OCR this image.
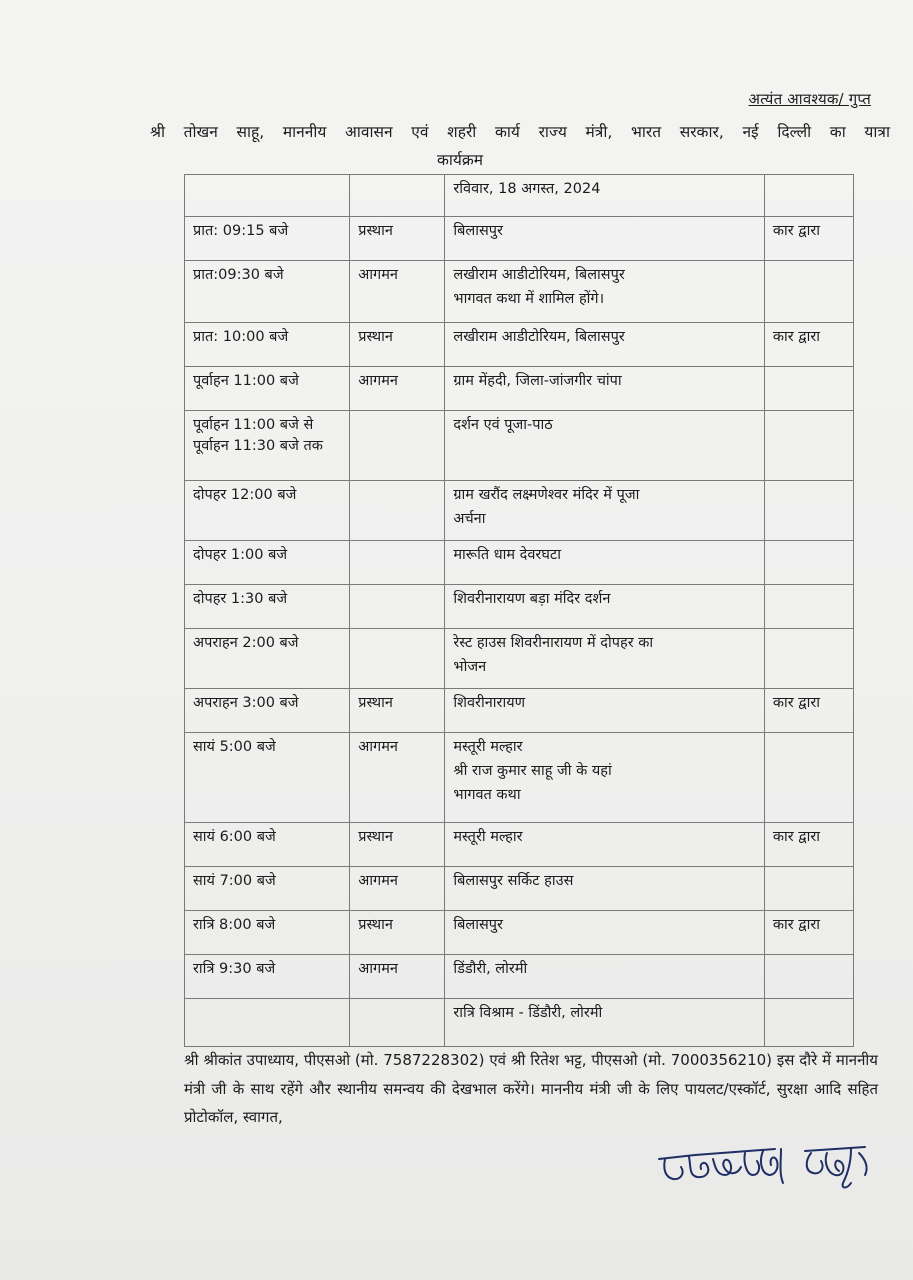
अत्यंत आवश्यक/ गुप्त
श्री तोखन साहू, माननीय आवासन एवं शहरी कार्य राज्य मंत्री, भारत सरकार, नई दिल्ली का यात्रा
कार्यक्रम
		रविवार, 18 अगस्त, 2024	
प्रात: 09:15 बजे	प्रस्थान	बिलासपुर	कार द्वारा
प्रात:09:30 बजे	आगमन	लखीराम आडीटोरियम, बिलासपुर
भागवत कथा में शामिल होंगे।	

प्रात: 10:00 बजे	प्रस्थान	लखीराम आडीटोरियम, बिलासपुर	कार द्वारा
पूर्वाहन 11:00 बजे	आगमन	ग्राम मेंहदी, जिला-जांजगीर चांपा	

पूर्वाहन 11:00 बजे से पूर्वाहन 11:30 बजे तक		दर्शन एवं पूजा-पाठ	

दोपहर 12:00 बजे		ग्राम खरौंद लक्ष्मणेश्वर मंदिर में पूजा
अर्चना	

दोपहर 1:00 बजे		मारूति धाम देवरघटा	

दोपहर 1:30 बजे		शिवरीनारायण बड़ा मंदिर दर्शन	

अपराहन 2:00 बजे		रेस्ट हाउस शिवरीनारायण में दोपहर का
भोजन	

अपराहन 3:00 बजे	प्रस्थान	शिवरीनारायण	कार द्वारा
सायं 5:00 बजे	आगमन	मस्तूरी मल्हार
श्री राज कुमार साहू जी के यहां
भागवत कथा	

सायं 6:00 बजे	प्रस्थान	मस्तूरी मल्हार	कार द्वारा
सायं 7:00 बजे	आगमन	बिलासपुर सर्किट हाउस	

रात्रि 8:00 बजे	प्रस्थान	बिलासपुर	कार द्वारा
रात्रि 9:30 बजे	आगमन	डिंडौरी, लोरमी	

		रात्रि विश्राम - डिंडौरी, लोरमी	
श्री श्रीकांत उपाध्याय, पीएसओ (मो. 7587228302) एवं श्री रितेश भट्ट, पीएसओ (मो. 7000356210) इस दौरे में माननीय मंत्री जी के साथ रहेंगे और स्थानीय समन्वय की देखभाल करेंगे। माननीय मंत्री जी के लिए पायलट/एस्कॉर्ट, सुरक्षा आदि सहित प्रोटोकॉल, स्वागत,
